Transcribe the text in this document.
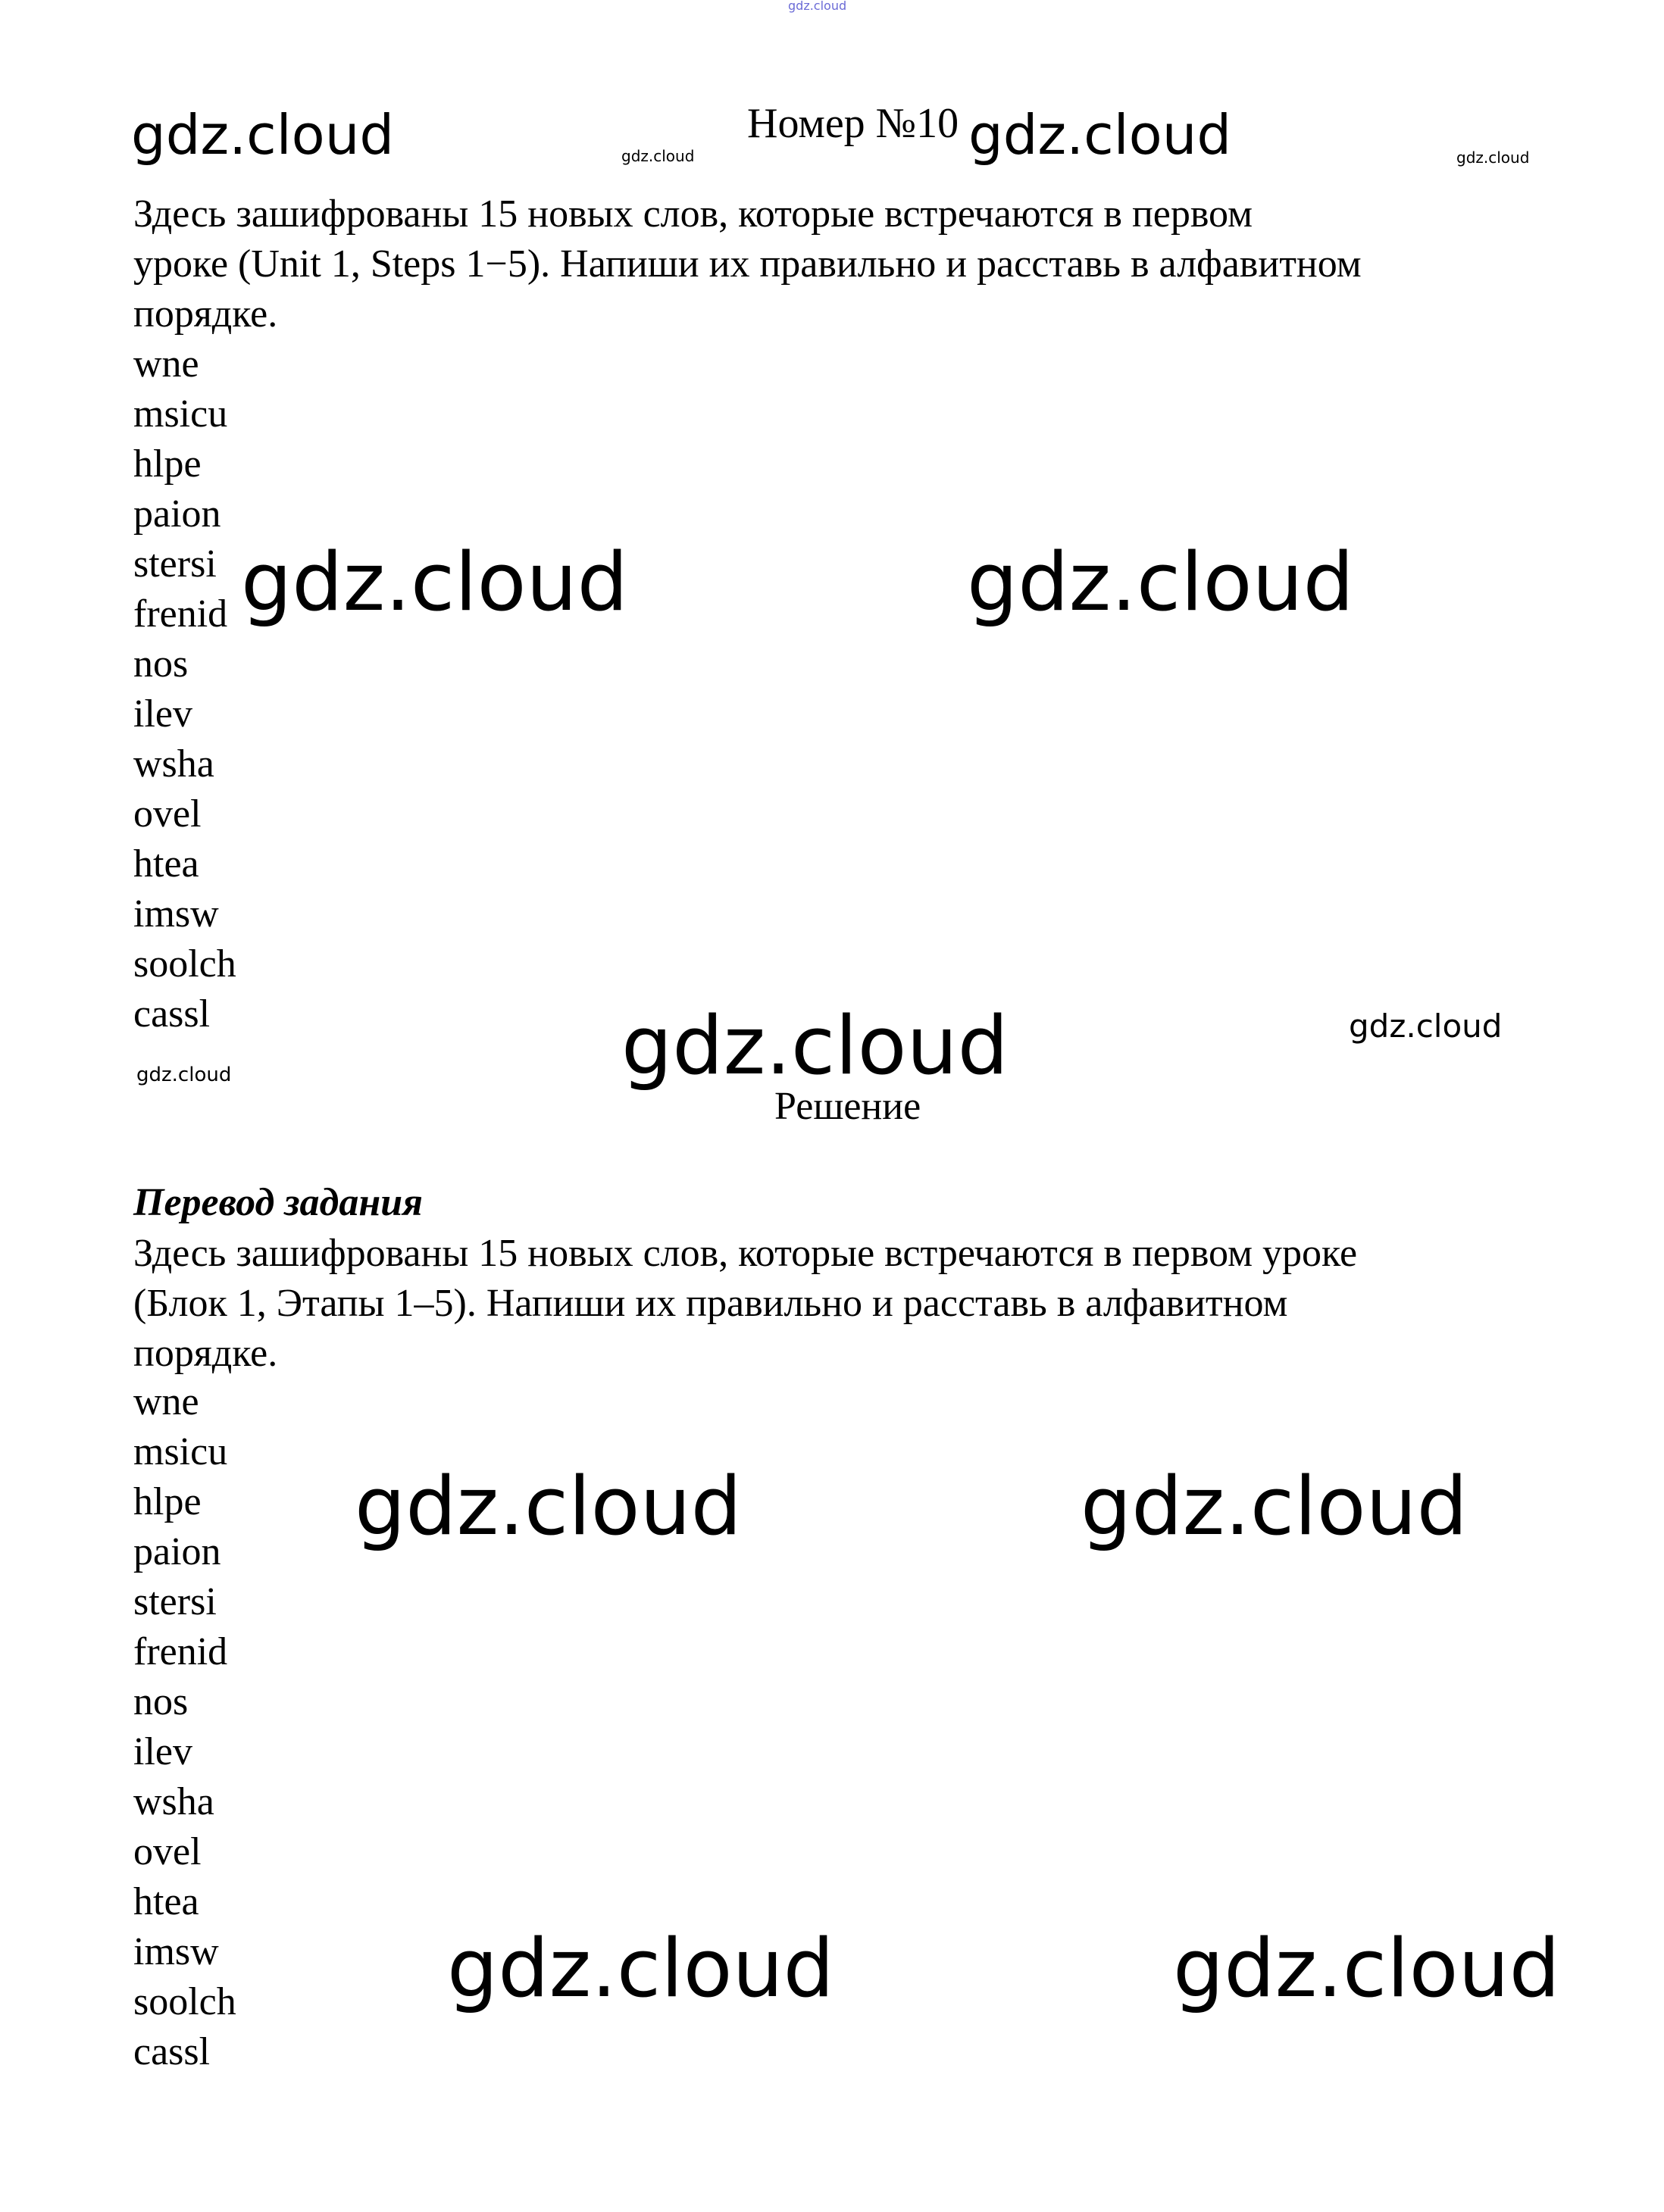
gdz.cloud
gdz.cloud	gdz.cloud	gdz.cloud	gdz.cloud
gdz.cloud	gdz.cloud
gdz.cloud	gdz.cloud
gdz.cloud
gdz.cloud	gdz.cloud
gdz.cloud	gdz.cloud
Номер №10
Здесь зашифрованы 15 новых слов, которые встречаются в первом
уроке (Unit 1, Steps 1−5). Напиши их правильно и расставь в алфавитном
порядке.
wne
msicu
hlpe
paion
stersi
frenid
nos
ilev
wsha
ovel
htea
imsw
soolch
cassl
Решение
Перевод задания
Здесь зашифрованы 15 новых слов, которые встречаются в первом уроке
(Блок 1, Этапы 1–5). Напиши их правильно и расставь в алфавитном
порядке.
wne
msicu
hlpe
paion
stersi
frenid
nos
ilev
wsha
ovel
htea
imsw
soolch
cassl
